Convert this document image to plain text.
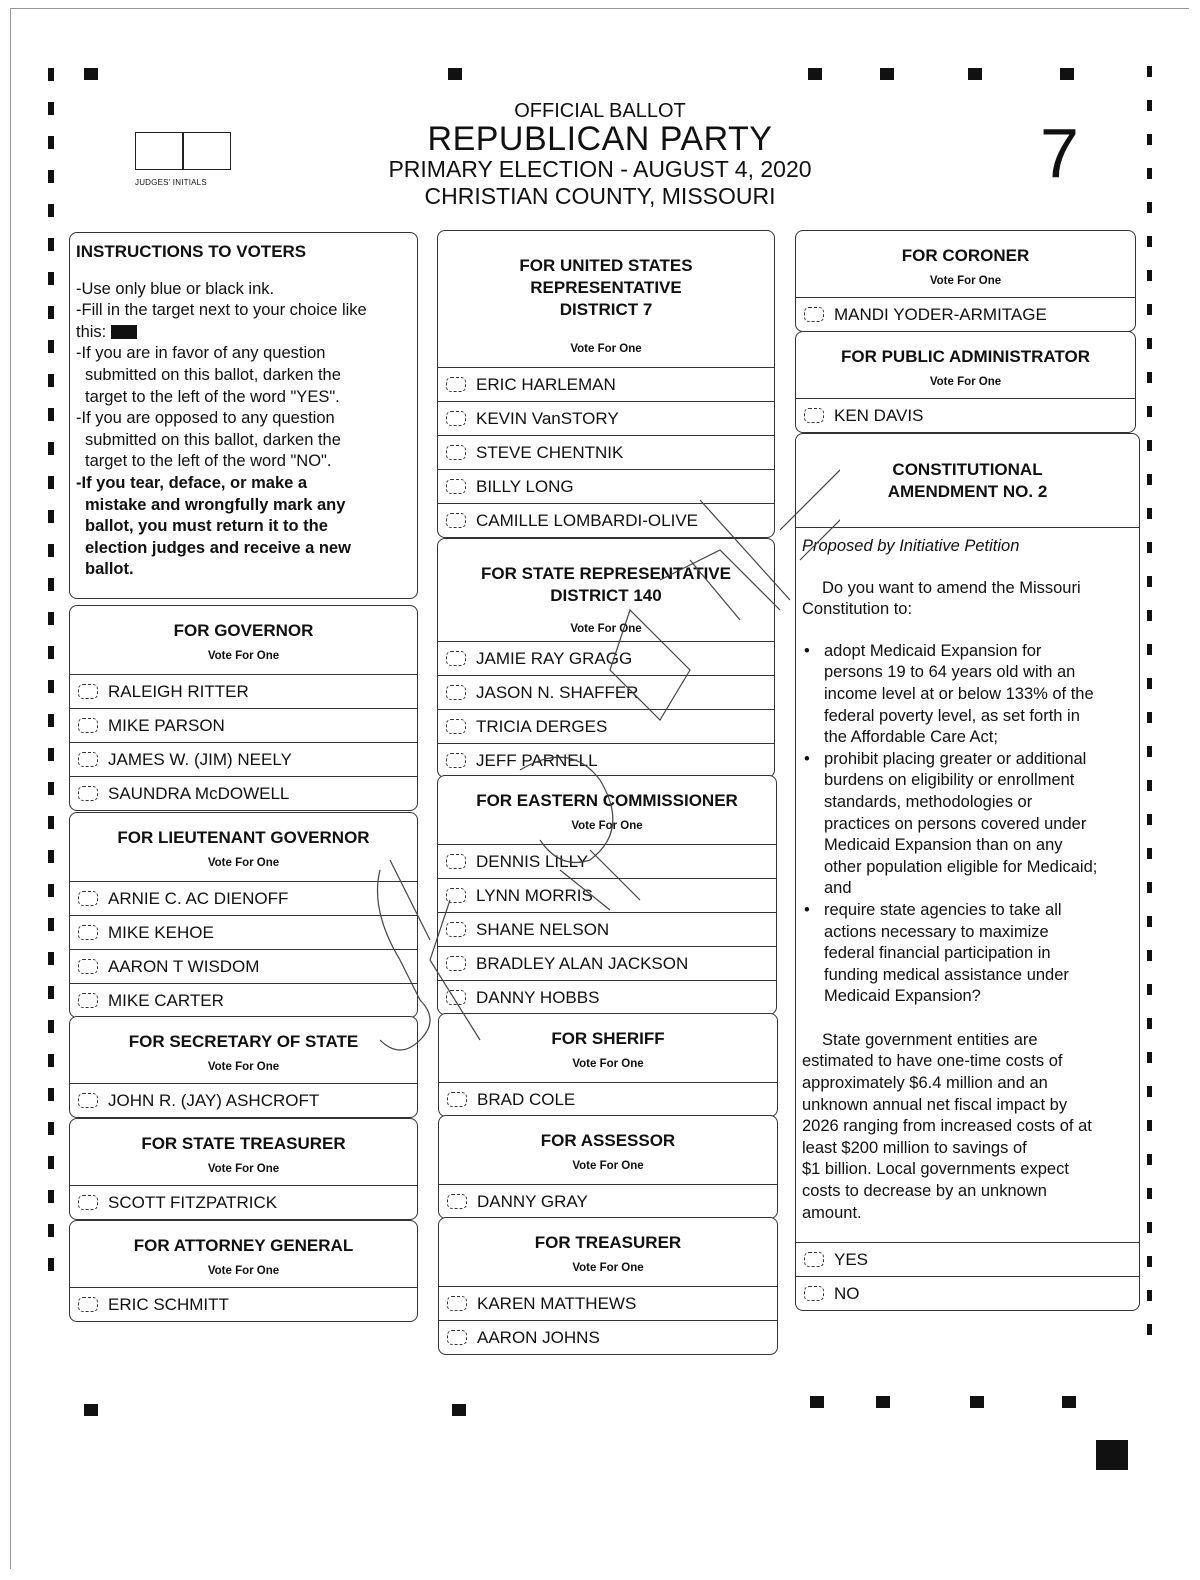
JUDGES' INITIALS
OFFICIAL BALLOT
REPUBLICAN PARTY
PRIMARY ELECTION - AUGUST 4, 2020
CHRISTIAN COUNTY, MISSOURI
7
INSTRUCTIONS TO VOTERS
-Use only blue or black ink.
-Fill in the target next to your choice like
this:
-If you are in favor of any question
submitted on this ballot, darken the
target to the left of the word "YES".
-If you are opposed to any question
submitted on this ballot, darken the
target to the left of the word "NO".
-If you tear, deface, or make a
mistake and wrongfully mark any
ballot, you must return it to the
election judges and receive a new
ballot.
FOR GOVERNOR
Vote For One
RALEIGH RITTER
MIKE PARSON
JAMES W. (JIM) NEELY
SAUNDRA McDOWELL
FOR LIEUTENANT GOVERNOR
Vote For One
ARNIE C. AC DIENOFF
MIKE KEHOE
AARON T WISDOM
MIKE CARTER
FOR SECRETARY OF STATE
Vote For One
JOHN R. (JAY) ASHCROFT
FOR STATE TREASURER
Vote For One
SCOTT FITZPATRICK
FOR ATTORNEY GENERAL
Vote For One
ERIC SCHMITT
FOR UNITED STATES
REPRESENTATIVE
DISTRICT 7
Vote For One
ERIC HARLEMAN
KEVIN VanSTORY
STEVE CHENTNIK
BILLY LONG
CAMILLE LOMBARDI-OLIVE
FOR STATE REPRESENTATIVE
DISTRICT 140
Vote For One
JAMIE RAY GRAGG
JASON N. SHAFFER
TRICIA DERGES
JEFF PARNELL
FOR EASTERN COMMISSIONER
Vote For One
DENNIS LILLY
LYNN MORRIS
SHANE NELSON
BRADLEY ALAN JACKSON
DANNY HOBBS
FOR SHERIFF
Vote For One
BRAD COLE
FOR ASSESSOR
Vote For One
DANNY GRAY
FOR TREASURER
Vote For One
KAREN MATTHEWS
AARON JOHNS
FOR CORONER
Vote For One
MANDI YODER-ARMITAGE
FOR PUBLIC ADMINISTRATOR
Vote For One
KEN DAVIS
CONSTITUTIONAL
AMENDMENT NO. 2
Proposed by Initiative Petition
Do you want to amend the Missouri
Constitution to:
• adopt Medicaid Expansion for
persons 19 to 64 years old with an
income level at or below 133% of the
federal poverty level, as set forth in
the Affordable Care Act;
• prohibit placing greater or additional
burdens on eligibility or enrollment
standards, methodologies or
practices on persons covered under
Medicaid Expansion than on any
other population eligible for Medicaid;
and
• require state agencies to take all
actions necessary to maximize
federal financial participation in
funding medical assistance under
Medicaid Expansion?
State government entities are
estimated to have one-time costs of
approximately $6.4 million and an
unknown annual net fiscal impact by
2026 ranging from increased costs of at
least $200 million to savings of
$1 billion. Local governments expect
costs to decrease by an unknown
amount.
YES
NO
